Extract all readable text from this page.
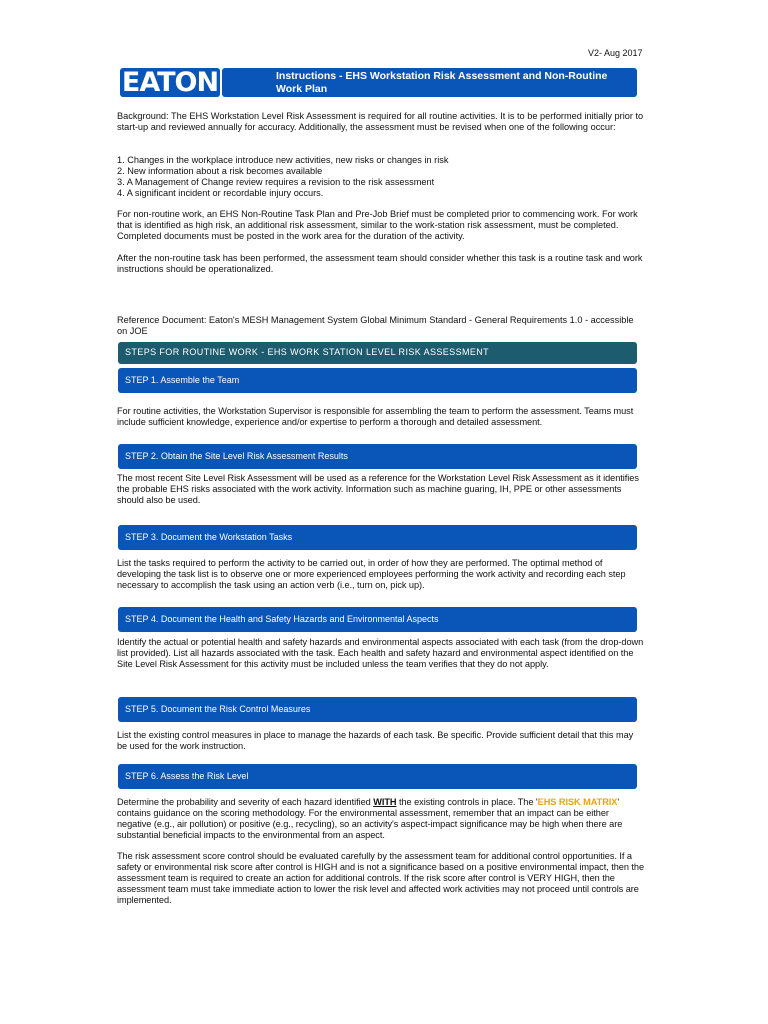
V2- Aug 2017
EATON	Instructions - EHS Workstation Risk Assessment and Non-Routine Work Plan
Background: The EHS Workstation Level Risk Assessment is required for all routine activities. It is to be performed initially prior to start-up and reviewed annually for accuracy. Additionally, the assessment must be revised when one of the following occur:
1. Changes in the workplace introduce new activities, new risks or changes in risk
2. New information about a risk becomes available
3. A Management of Change review requires a revision to the risk assessment
4. A significant incident or recordable injury occurs.
For non-routine work, an EHS Non-Routine Task Plan and Pre-Job Brief must be completed prior to commencing work. For work that is identified as high risk, an additional risk assessment, similar to the work-station risk assessment, must be completed. Completed documents must be posted in the work area for the duration of the activity.
After the non-routine task has been performed, the assessment team should consider whether this task is a routine task and work instructions should be operationalized.
Reference Document: Eaton's MESH Management System Global Minimum Standard - General Requirements 1.0 - accessible on JOE
STEPS FOR ROUTINE WORK - EHS WORK STATION LEVEL RISK ASSESSMENT
STEP 1. Assemble the Team
For routine activities, the Workstation Supervisor is responsible for assembling the team to perform the assessment. Teams must include sufficient knowledge, experience and/or expertise to perform a thorough and detailed assessment.
STEP 2. Obtain the Site Level Risk Assessment Results
The most recent Site Level Risk Assessment will be used as a reference for the Workstation Level Risk Assessment as it identifies the probable EHS risks associated with the work activity. Information such as machine guaring, IH, PPE or other assessments should also be used.
STEP 3. Document the Workstation Tasks
List the tasks required to perform the activity to be carried out, in order of how they are performed. The optimal method of developing the task list is to observe one or more experienced employees performing the work activity and recording each step necessary to accomplish the task using an action verb (i.e., turn on, pick up).
STEP 4. Document the Health and Safety Hazards and Environmental Aspects
Identify the actual or potential health and safety hazards and environmental aspects associated with each task (from the drop-down list provided). List all hazards associated with the task. Each health and safety hazard and environmental aspect identified on the Site Level Risk Assessment for this activity must be included unless the team verifies that they do not apply.
STEP 5. Document the Risk Control Measures
List the existing control measures in place to manage the hazards of each task. Be specific. Provide sufficient detail that this may be used for the work instruction.
STEP 6. Assess the Risk Level
Determine the probability and severity of each hazard identified WITH the existing controls in place. The 'EHS RISK MATRIX' contains guidance on the scoring methodology. For the environmental assessment, remember that an impact can be either negative (e.g., air pollution) or positive (e.g., recycling), so an activity's aspect-impact significance may be high when there are substantial beneficial impacts to the environmental from an aspect.
The risk assessment score control should be evaluated carefully by the assessment team for additional control opportunities. If a safety or environmental risk score after control is HIGH and is not a significance based on a positive environmental impact, then the assessment team is required to create an action for additional controls. If the risk score after control is VERY HIGH, then the assessment team must take immediate action to lower the risk level and affected work activities may not proceed until controls are implemented.
